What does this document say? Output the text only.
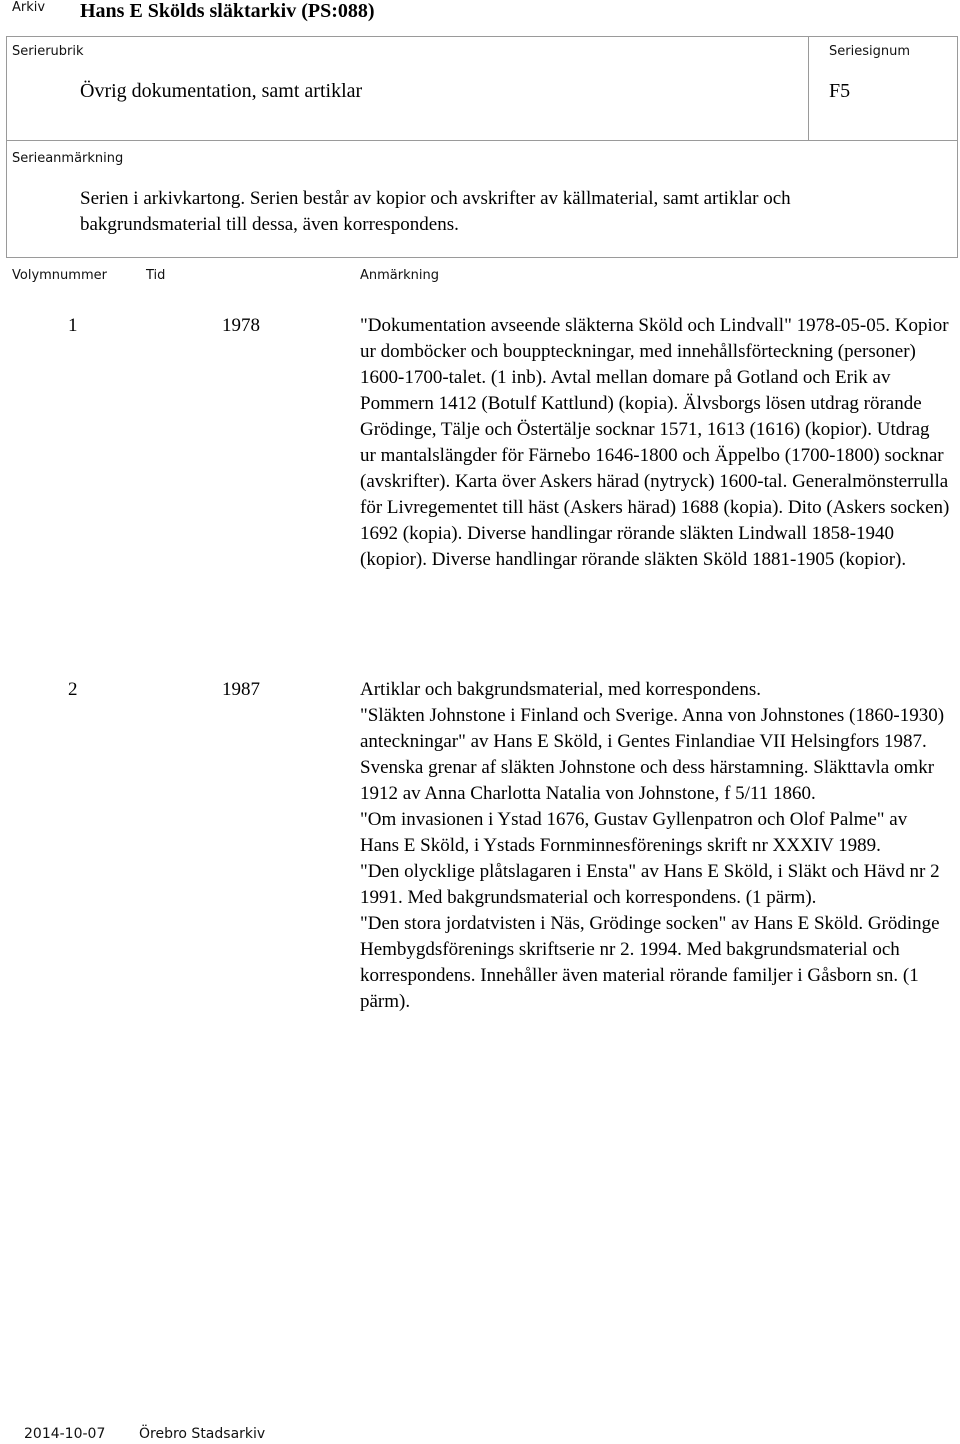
Arkiv Hans E Skölds släktarkiv (PS:088)
Serierubrik
Övrig dokumentation, samt artiklar
Seriesignum
F5
Serieanmärkning
Serien i arkivkartong. Serien består av kopior och avskrifter av källmaterial, samt artiklar och
bakgrundsmaterial till dessa, även korrespondens.
Volymnummer	Tid	Anmärkning
1	1978	"Dokumentation avseende släkterna Sköld och Lindvall" 1978-05-05. Kopior ur domböcker och bouppteckningar, med innehållsförteckning (personer) 1600-1700-talet. (1 inb). Avtal mellan domare på Gotland och Erik av Pommern 1412 (Botulf Kattlund) (kopia). Älvsborgs lösen utdrag rörande Grödinge, Tälje och Östertälje socknar 1571, 1613 (1616) (kopior). Utdrag ur mantalslängder för Färnebo 1646-1800 och Äppelbo (1700-1800) socknar (avskrifter). Karta över Askers härad (nytryck) 1600-tal. Generalmönsterrulla för Livregementet till häst (Askers härad) 1688 (kopia). Dito (Askers socken) 1692 (kopia). Diverse handlingar rörande släkten Lindwall 1858-1940 (kopior). Diverse handlingar rörande släkten Sköld 1881-1905 (kopior).

2	1987	Artiklar och bakgrundsmaterial, med korrespondens.

"Släkten Johnstone i Finland och Sverige. Anna von Johnstones (1860-1930) anteckningar" av Hans E Sköld, i Gentes Finlandiae VII Helsingfors 1987. Svenska grenar af släkten Johnstone och dess härstamning. Släkttavla omkr 1912 av Anna Charlotta Natalia von Johnstone, f 5/11 1860.

"Om invasionen i Ystad 1676, Gustav Gyllenpatron och Olof Palme" av Hans E Sköld, i Ystads Fornminnesförenings skrift nr XXXIV 1989.

"Den olycklige plåtslagaren i Ensta" av Hans E Sköld, i Släkt och Hävd nr 2 1991. Med bakgrundsmaterial och korrespondens. (1 pärm).

"Den stora jordatvisten i Näs, Grödinge socken" av Hans E Sköld. Grödinge Hembygdsförenings skriftserie nr 2. 1994. Med bakgrundsmaterial och korrespondens. Innehåller även material rörande familjer i Gåsborn sn. (1 pärm).

2014-10-07 Örebro Stadsarkiv
